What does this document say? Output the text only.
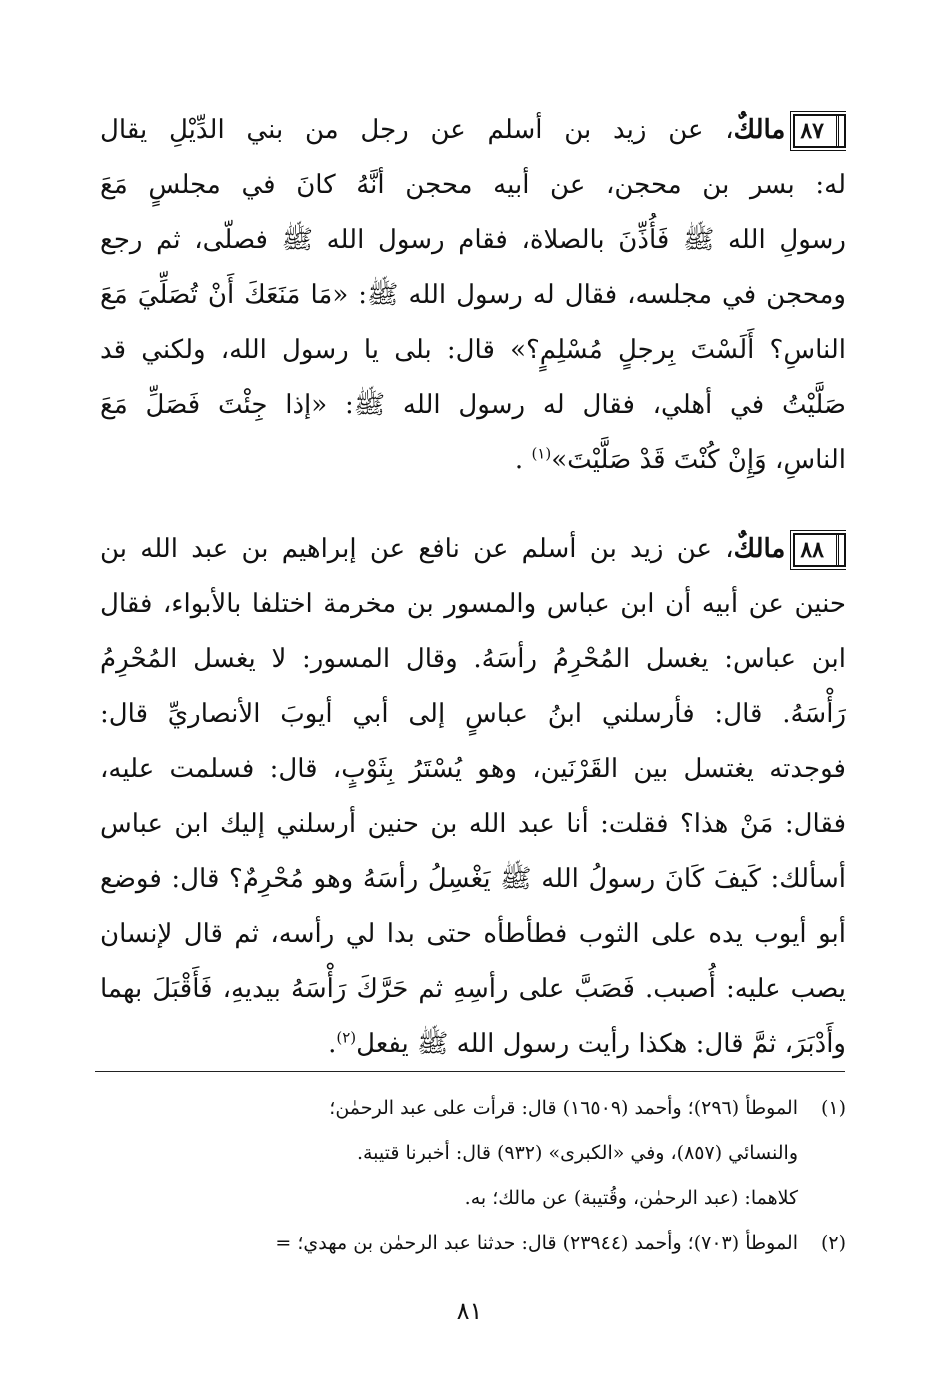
٨٧
مالكٌ، عن زيد بن أسلم عن رجل من بني الدِّيْلِ يقال
له: بسر بن محجن، عن أبيه محجن أنَّهُ كانَ في مجلسٍ مَعَ
رسولِ الله ﷺ فَأُذِّنَ بالصلاة، فقام رسول الله ﷺ فصلّى، ثم رجع
ومحجن في مجلسه، فقال له رسول الله ﷺ: «مَا مَنَعَكَ أَنْ تُصَلِّيَ مَعَ
الناسِ؟ أَلَسْتَ بِرجلٍ مُسْلِمٍ؟» قال: بلى يا رسول الله، ولكني قد
صَلَّيْتُ في أهلي، فقال له رسول الله ﷺ: «إذا جِئْتَ فَصَلِّ مَعَ
الناسِ، وَإِنْ كُنْتَ قَدْ صَلَّيْتَ»$^{(١)}$ .
٨٨
مالكٌ، عن زيد بن أسلم عن نافع عن إبراهيم بن عبد الله بن
حنين عن أبيه أن ابن عباس والمسور بن مخرمة اختلفا بالأبواء، فقال
ابن عباس: يغسل المُحْرِمُ رأسَهُ. وقال المسور: لا يغسل المُحْرِمُ
رَأْسَهُ. قال: فأرسلني ابنُ عباسٍ إلى أبي أيوبَ الأنصاريِّ قال:
فوجدته يغتسل بين القَرْنَين، وهو يُسْتَرُ بِثَوْبٍ، قال: فسلمت عليه،
فقال: مَنْ هذا؟ فقلت: أنا عبد الله بن حنين أرسلني إليك ابن عباس
أسألك: كَيفَ كَانَ رسولُ الله ﷺ يَغْسِلُ رأسَهُ وهو مُحْرِمٌ؟ قال: فوضع
أبو أيوب يده على الثوب فطأطأه حتى بدا لي رأسه، ثم قال لإنسان
يصب عليه: أُصبب. فَصَبَّ على رأسِهِ ثم حَرَّكَ رَأْسَهُ بيديهِ، فَأَقْبَلَ بهما
وأَدْبَرَ، ثمَّ قال: هكذا رأيت رسول الله ﷺ يفعل$^{(٢)}$.
(١)الموطأ (٢٩٦)؛ وأحمد (١٦٥٠٩) قال: قرأت على عبد الرحمٰن؛
والنسائي (٨٥٧)، وفي «الكبرى» (٩٣٢) قال: أخبرنا قتيبة.
كلاهما: (عبد الرحمٰن، وقُتيبة) عن مالك؛ به.
(٢)الموطأ (٧٠٣)؛ وأحمد (٢٣٩٤٤) قال: حدثنا عبد الرحمٰن بن مهدي؛ =
٨١
